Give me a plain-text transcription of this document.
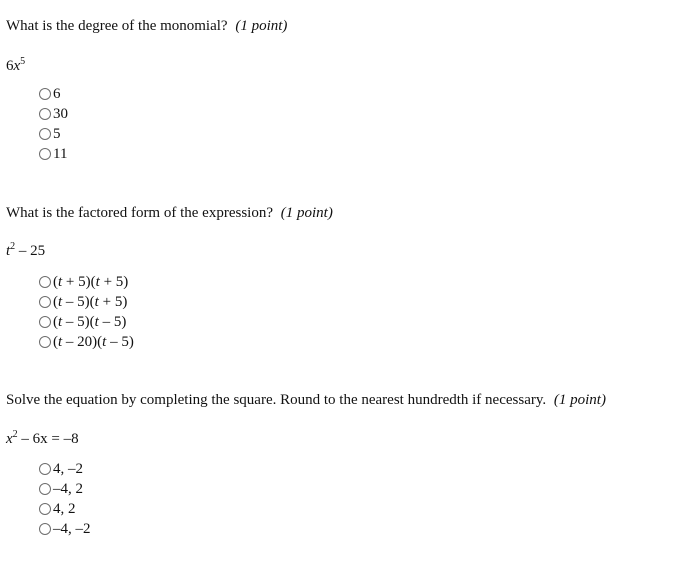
What is the degree of the monomial? (1 point)
$6x^5$
6
30
5
11
What is the factored form of the expression? (1 point)
$t^2 - 25$
(t + 5)(t + 5)
(t – 5)(t + 5)
(t – 5)(t – 5)
(t – 20)(t – 5)
Solve the equation by completing the square. Round to the nearest hundredth if necessary. (1 point)
$x^2 - 6x = -8$
4, –2
–4, 2
4, 2
–4, –2
